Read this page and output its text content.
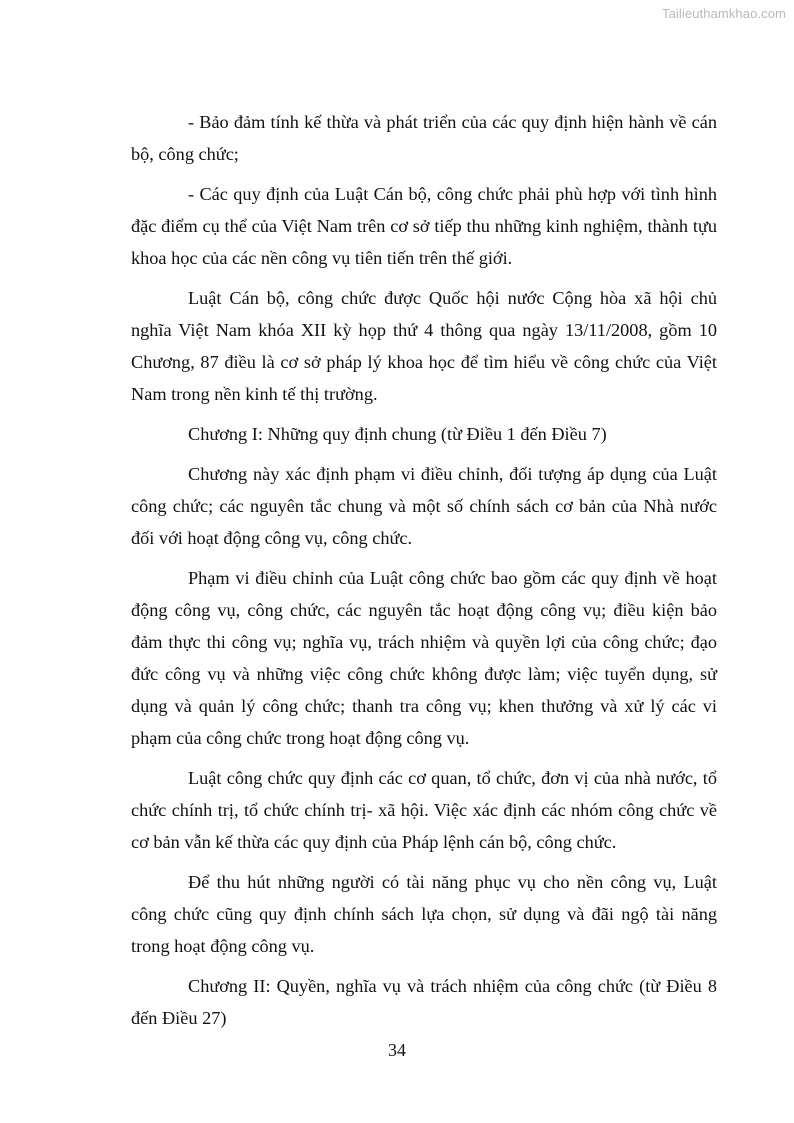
Tailieuthamkhao.com

- Bảo đảm tính kế thừa và phát triển của các quy định hiện hành về cán bộ, công chức;

- Các quy định của Luật Cán bộ, công chức phải phù hợp với tình hình đặc điểm cụ thể của Việt Nam trên cơ sở tiếp thu những kinh nghiệm, thành tựu khoa học của các nền công vụ tiên tiến trên thế giới.

Luật Cán bộ, công chức được Quốc hội nước Cộng hòa xã hội chủ nghĩa Việt Nam khóa XII kỳ họp thứ 4 thông qua ngày 13/11/2008, gồm 10 Chương, 87 điều là cơ sở pháp lý khoa học để tìm hiểu về công chức của Việt Nam trong nền kinh tế thị trường.

Chương I: Những quy định chung (từ Điều 1 đến Điều 7)

Chương này xác định phạm vi điều chỉnh, đối tượng áp dụng của Luật công chức; các nguyên tắc chung và một số chính sách cơ bản của Nhà nước đối với hoạt động công vụ, công chức.

Phạm vi điều chỉnh của Luật công chức bao gồm các quy định về hoạt động công vụ, công chức, các nguyên tắc hoạt động công vụ; điều kiện bảo đảm thực thi công vụ; nghĩa vụ, trách nhiệm và quyền lợi của công chức; đạo đức công vụ và những việc công chức không được làm; việc tuyển dụng, sử dụng và quản lý công chức; thanh tra công vụ; khen thưởng và xử lý các vi phạm của công chức trong hoạt động công vụ.

Luật công chức quy định các cơ quan, tổ chức, đơn vị của nhà nước, tổ chức chính trị, tổ chức chính trị- xã hội. Việc xác định các nhóm công chức về cơ bản vẫn kế thừa các quy định của Pháp lệnh cán bộ, công chức.

Để thu hút những người có tài năng phục vụ cho nền công vụ, Luật công chức cũng quy định chính sách lựa chọn, sử dụng và đãi ngộ tài năng trong hoạt động công vụ.

Chương II: Quyền, nghĩa vụ và trách nhiệm của công chức (từ Điều 8 đến Điều 27)

34
